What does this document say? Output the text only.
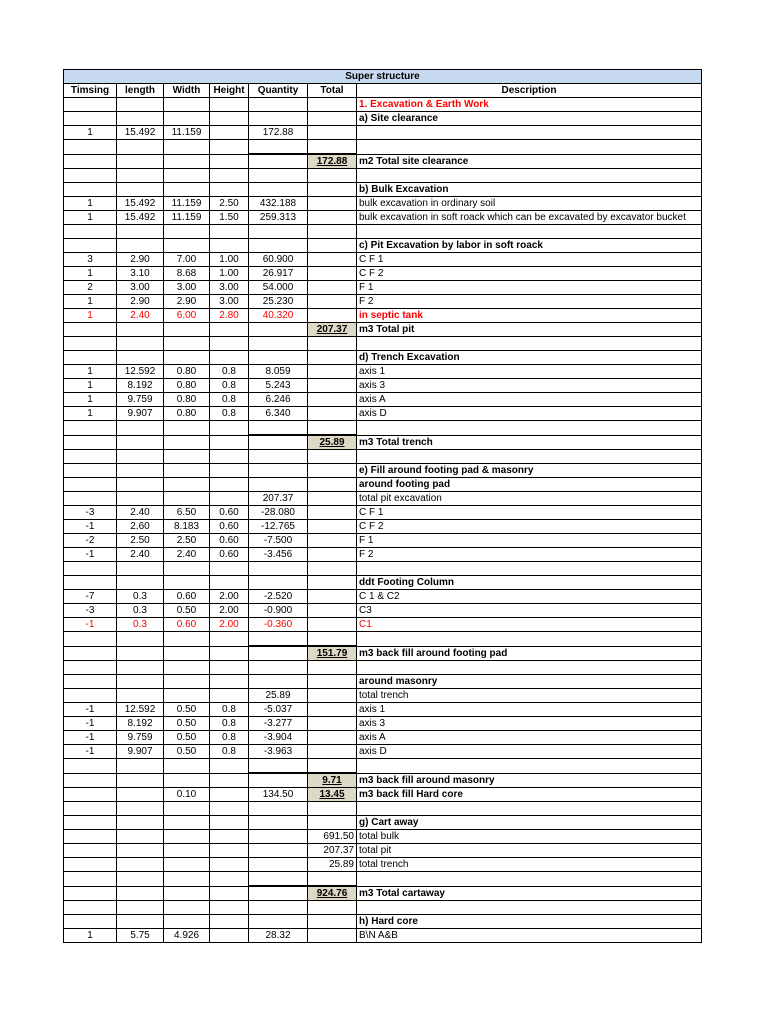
Super structure						
Timsing	length	Width	Height	Quantity	Total	Description
						1. Excavation & Earth Work
						a) Site clearance
1	15.492	11.159		172.88		

					172.88	m2 Total site clearance

						b) Bulk Excavation
1	15.492	11.159	2.50	432.188		bulk excavation in ordinary soil
1	15.492	11.159	1.50	259.313		bulk excavation in soft roack which can be excavated by excavator bucket

						c) Pit Excavation by labor in soft roack
3	2.90	7.00	1.00	60.900		C F 1
1	3.10	8.68	1.00	26.917		C F 2
2	3.00	3.00	3.00	54.000		F 1
1	2.90	2.90	3.00	25.230		F 2
1	2.40	6.00	2.80	40.320		in septic tank
					207.37	m3 Total pit

						d) Trench Excavation
1	12.592	0.80	0.8	8.059		axis 1
1	8.192	0.80	0.8	5.243		axis 3
1	9.759	0.80	0.8	6.246		axis A
1	9.907	0.80	0.8	6.340		axis D

					25.89	m3 Total trench

						e) Fill around footing pad & masonry
						around footing pad
				207.37		total pit excavation
-3	2.40	6.50	0.60	-28.080		C F 1
-1	2.60	8.183	0.60	-12.765		C F 2
-2	2.50	2.50	0.60	-7.500		F 1
-1	2.40	2.40	0.60	-3.456		F 2

						ddt Footing Column
-7	0.3	0.60	2.00	-2.520		C 1 & C2
-3	0.3	0.50	2.00	-0.900		C3
-1	0.3	0.60	2.00	-0.360		C1

					151.79	m3 back fill around footing pad

						around masonry
				25.89		total trench
-1	12.592	0.50	0.8	-5.037		axis 1
-1	8.192	0.50	0.8	-3.277		axis 3
-1	9.759	0.50	0.8	-3.904		axis A
-1	9.907	0.50	0.8	-3.963		axis D

					9.71	m3 back fill around masonry
		0.10		134.50	13.45	m3 back fill Hard core

						g) Cart away
					691.50	total bulk
					207.37	total pit
					25.89	total trench

					924.76	m3 Total cartaway

						h) Hard core
1	5.75	4.926		28.32		B\N A&B
